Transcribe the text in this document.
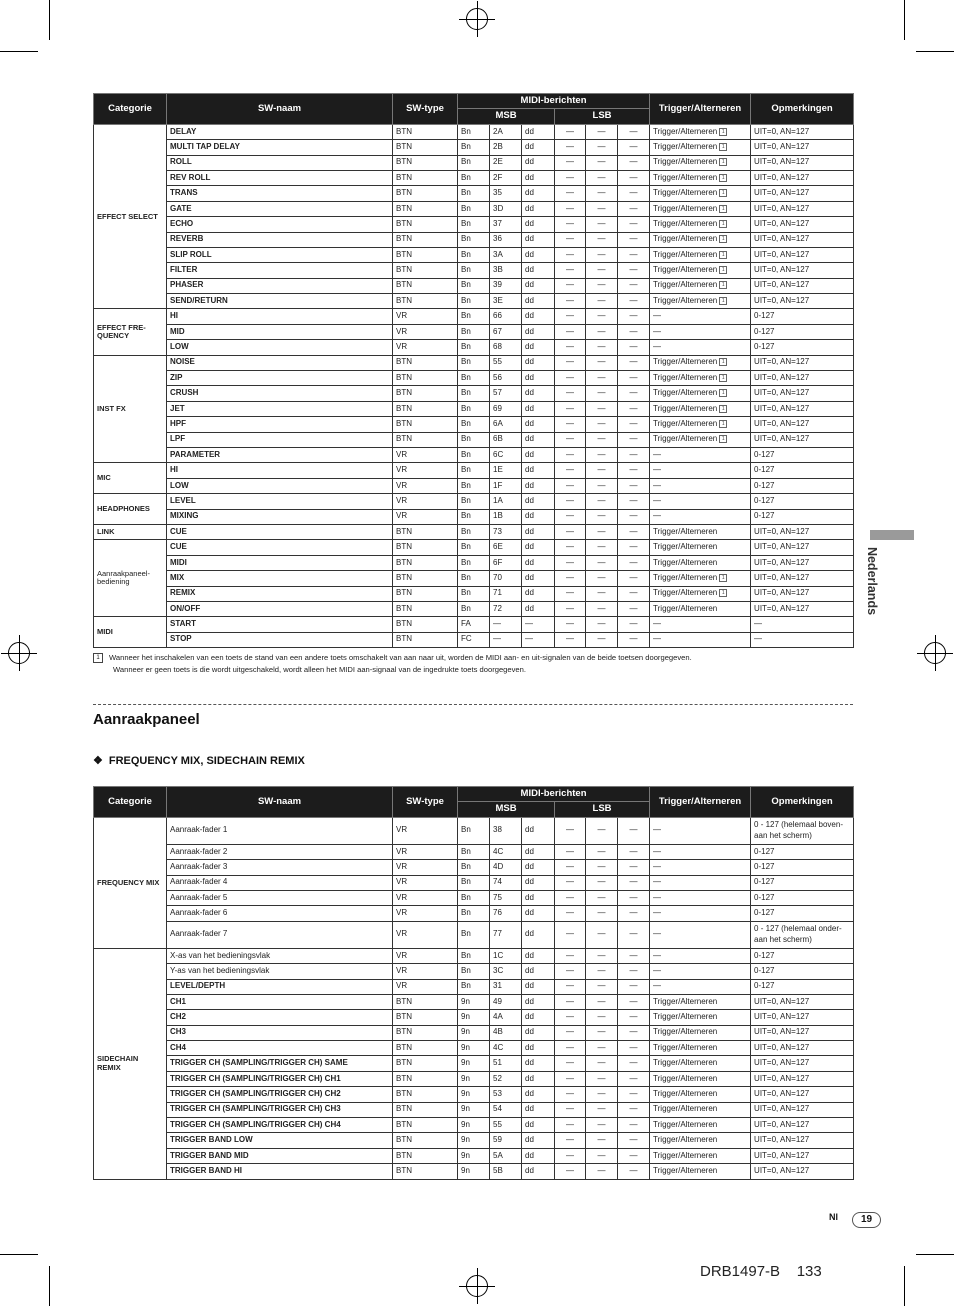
Categorie	SW-naam	SW-type	MIDI-berichten						Trigger/Alterneren	Opmerkingen
			MSB			LSB				
EFFECT SELECT	DELAY	BTN	Bn	2A	dd	—	—	—	Trigger/Alterneren 1	UIT=0, AN=127
	MULTI TAP DELAY	BTN	Bn	2B	dd	—	—	—	Trigger/Alterneren 1	UIT=0, AN=127
	ROLL	BTN	Bn	2E	dd	—	—	—	Trigger/Alterneren 1	UIT=0, AN=127
	REV ROLL	BTN	Bn	2F	dd	—	—	—	Trigger/Alterneren 1	UIT=0, AN=127
	TRANS	BTN	Bn	35	dd	—	—	—	Trigger/Alterneren 1	UIT=0, AN=127
	GATE	BTN	Bn	3D	dd	—	—	—	Trigger/Alterneren 1	UIT=0, AN=127
	ECHO	BTN	Bn	37	dd	—	—	—	Trigger/Alterneren 1	UIT=0, AN=127
	REVERB	BTN	Bn	36	dd	—	—	—	Trigger/Alterneren 1	UIT=0, AN=127
	SLIP ROLL	BTN	Bn	3A	dd	—	—	—	Trigger/Alterneren 1	UIT=0, AN=127
	FILTER	BTN	Bn	3B	dd	—	—	—	Trigger/Alterneren 1	UIT=0, AN=127
	PHASER	BTN	Bn	39	dd	—	—	—	Trigger/Alterneren 1	UIT=0, AN=127
	SEND/RETURN	BTN	Bn	3E	dd	—	—	—	Trigger/Alterneren 1	UIT=0, AN=127
EFFECT FRE-QUENCY	HI	VR	Bn	66	dd	—	—	—	—	0-127
	MID	VR	Bn	67	dd	—	—	—	—	0-127
	LOW	VR	Bn	68	dd	—	—	—	—	0-127
INST FX	NOISE	BTN	Bn	55	dd	—	—	—	Trigger/Alterneren 1	UIT=0, AN=127
	ZIP	BTN	Bn	56	dd	—	—	—	Trigger/Alterneren 1	UIT=0, AN=127
	CRUSH	BTN	Bn	57	dd	—	—	—	Trigger/Alterneren 1	UIT=0, AN=127
	JET	BTN	Bn	69	dd	—	—	—	Trigger/Alterneren 1	UIT=0, AN=127
	HPF	BTN	Bn	6A	dd	—	—	—	Trigger/Alterneren 1	UIT=0, AN=127
	LPF	BTN	Bn	6B	dd	—	—	—	Trigger/Alterneren 1	UIT=0, AN=127
	PARAMETER	VR	Bn	6C	dd	—	—	—	—	0-127
MIC	HI	VR	Bn	1E	dd	—	—	—	—	0-127
	LOW	VR	Bn	1F	dd	—	—	—	—	0-127
HEADPHONES	LEVEL	VR	Bn	1A	dd	—	—	—	—	0-127
	MIXING	VR	Bn	1B	dd	—	—	—	—	0-127
LINK	CUE	BTN	Bn	73	dd	—	—	—	Trigger/Alterneren	UIT=0, AN=127
Aanraakpaneel-bediening	CUE	BTN	Bn	6E	dd	—	—	—	Trigger/Alterneren	UIT=0, AN=127
	MIDI	BTN	Bn	6F	dd	—	—	—	Trigger/Alterneren	UIT=0, AN=127
	MIX	BTN	Bn	70	dd	—	—	—	Trigger/Alterneren 1	UIT=0, AN=127
	REMIX	BTN	Bn	71	dd	—	—	—	Trigger/Alterneren 1	UIT=0, AN=127
	ON/OFF	BTN	Bn	72	dd	—	—	—	Trigger/Alterneren	UIT=0, AN=127
MIDI	START	BTN	FA	—	—	—	—	—	—	—
	STOP	BTN	FC	—	—	—	—	—	—	—
1 Wanneer het inschakelen van een toets de stand van een andere toets omschakelt van aan naar uit, worden de MIDI aan- en uit-signalen van de beide toetsen doorgegeven.
Wanneer er geen toets is die wordt uitgeschakeld, wordt alleen het MIDI aan-signaal van de ingedrukte toets doorgegeven.
Aanraakpaneel
❖ FREQUENCY MIX, SIDECHAIN REMIX
Categorie	SW-naam	SW-type	MIDI-berichten						Trigger/Alterneren	Opmerkingen
			MSB			LSB				
FREQUENCY MIX	Aanraak-fader 1	VR	Bn	38	dd	—	—	—	—	0 - 127 (helemaal boven-aan het scherm)
	Aanraak-fader 2	VR	Bn	4C	dd	—	—	—	—	0-127
	Aanraak-fader 3	VR	Bn	4D	dd	—	—	—	—	0-127
	Aanraak-fader 4	VR	Bn	74	dd	—	—	—	—	0-127
	Aanraak-fader 5	VR	Bn	75	dd	—	—	—	—	0-127
	Aanraak-fader 6	VR	Bn	76	dd	—	—	—	—	0-127
	Aanraak-fader 7	VR	Bn	77	dd	—	—	—	—	0 - 127 (helemaal onder-aan het scherm)
SIDECHAIN REMIX	X-as van het bedieningsvlak	VR	Bn	1C	dd	—	—	—	—	0-127
	Y-as van het bedieningsvlak	VR	Bn	3C	dd	—	—	—	—	0-127
	LEVEL/DEPTH	VR	Bn	31	dd	—	—	—	—	0-127
	CH1	BTN	9n	49	dd	—	—	—	Trigger/Alterneren	UIT=0, AN=127
	CH2	BTN	9n	4A	dd	—	—	—	Trigger/Alterneren	UIT=0, AN=127
	CH3	BTN	9n	4B	dd	—	—	—	Trigger/Alterneren	UIT=0, AN=127
	CH4	BTN	9n	4C	dd	—	—	—	Trigger/Alterneren	UIT=0, AN=127
	TRIGGER CH (SAMPLING/TRIGGER CH) SAME	BTN	9n	51	dd	—	—	—	Trigger/Alterneren	UIT=0, AN=127
	TRIGGER CH (SAMPLING/TRIGGER CH) CH1	BTN	9n	52	dd	—	—	—	Trigger/Alterneren	UIT=0, AN=127
	TRIGGER CH (SAMPLING/TRIGGER CH) CH2	BTN	9n	53	dd	—	—	—	Trigger/Alterneren	UIT=0, AN=127
	TRIGGER CH (SAMPLING/TRIGGER CH) CH3	BTN	9n	54	dd	—	—	—	Trigger/Alterneren	UIT=0, AN=127
	TRIGGER CH (SAMPLING/TRIGGER CH) CH4	BTN	9n	55	dd	—	—	—	Trigger/Alterneren	UIT=0, AN=127
	TRIGGER BAND LOW	BTN	9n	59	dd	—	—	—	Trigger/Alterneren	UIT=0, AN=127
	TRIGGER BAND MID	BTN	9n	5A	dd	—	—	—	Trigger/Alterneren	UIT=0, AN=127
	TRIGGER BAND HI	BTN	9n	5B	dd	—	—	—	Trigger/Alterneren	UIT=0, AN=127
Nederlands
Nl	19
DRB1497-B 133
